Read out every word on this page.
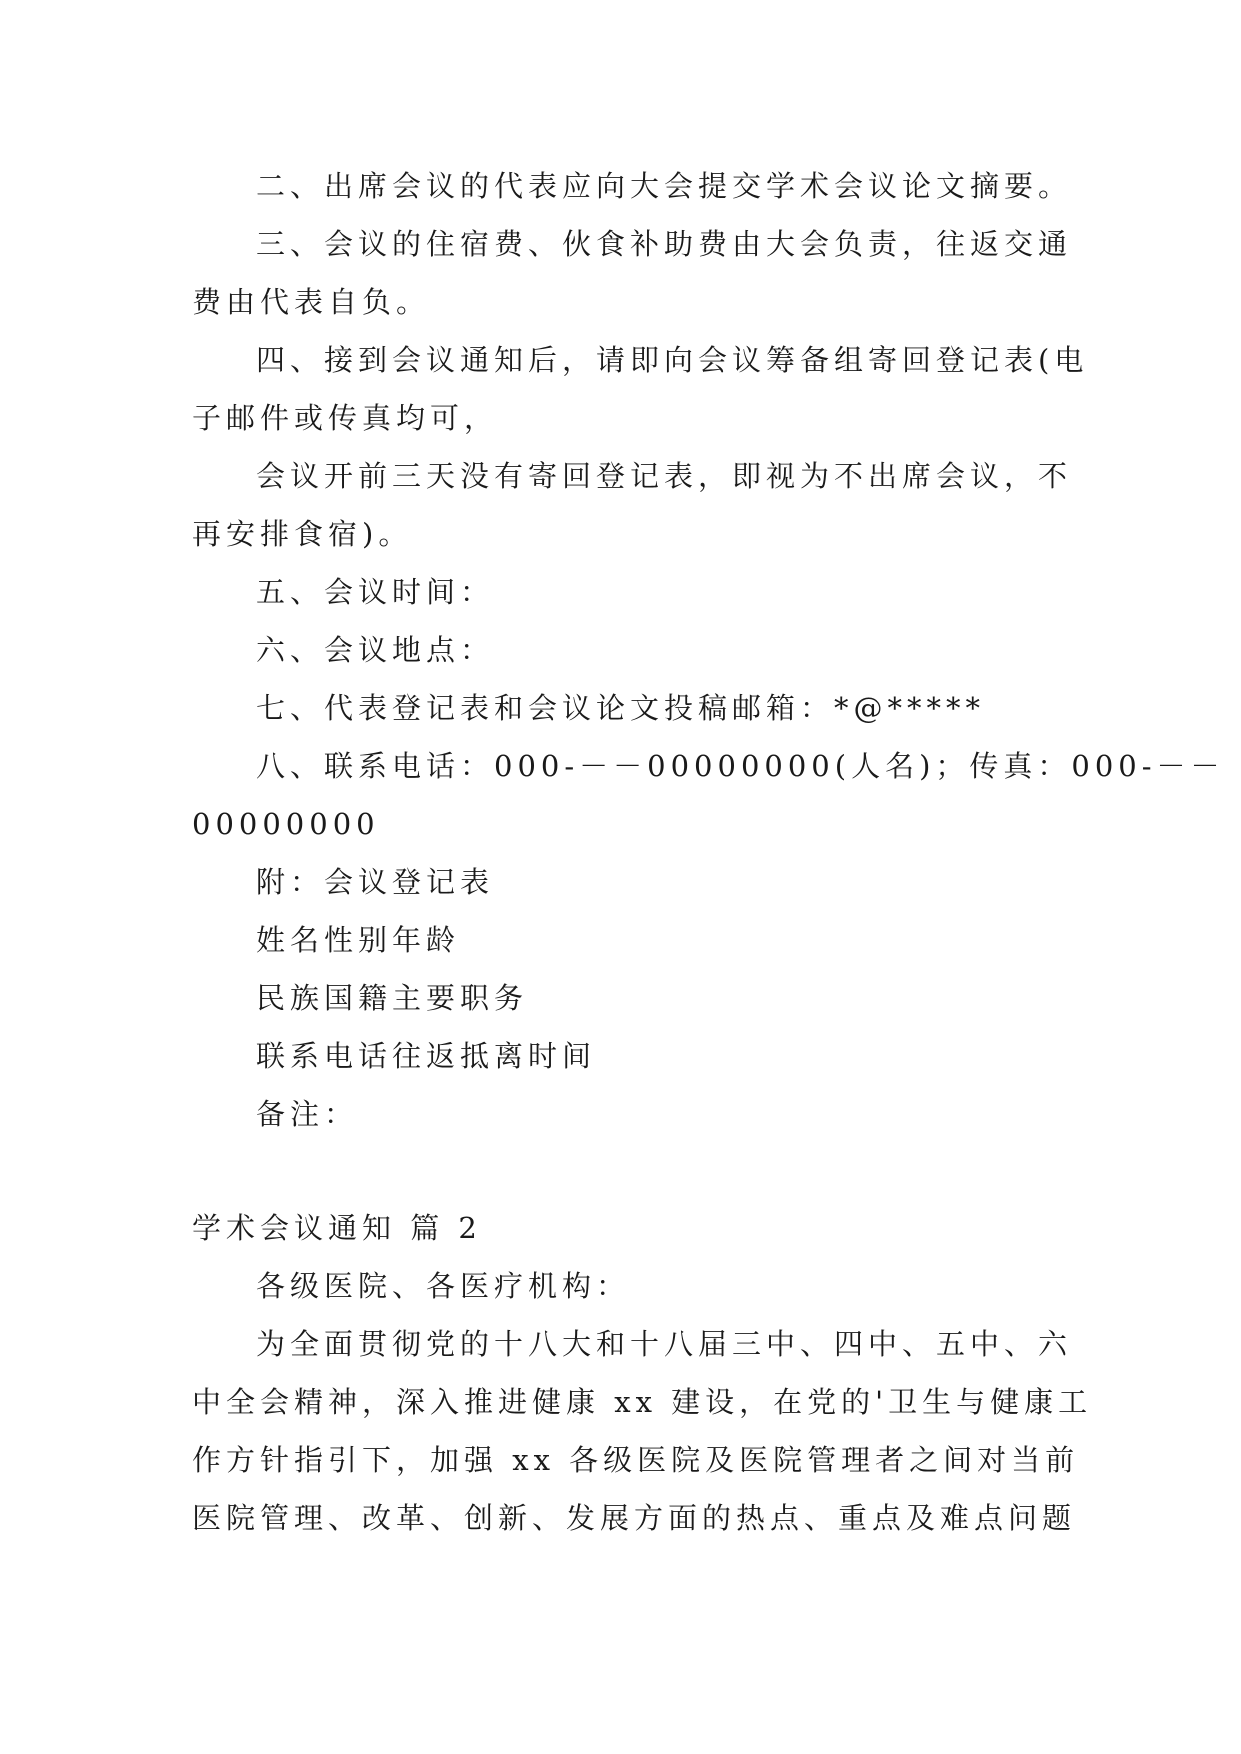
二、出席会议的代表应向大会提交学术会议论文摘要。
三、会议的住宿费、伙食补助费由大会负责，往返交通
费由代表自负。
四、接到会议通知后，请即向会议筹备组寄回登记表(电
子邮件或传真均可，
会议开前三天没有寄回登记表，即视为不出席会议，不
再安排食宿)。
五、会议时间：
六、会议地点：
七、代表登记表和会议论文投稿邮箱：*@*****
八、联系电话：000-－－00000000(人名)；传真：000-－－
00000000
附：会议登记表
姓名性别年龄
民族国籍主要职务
联系电话往返抵离时间
备注：
学术会议通知 篇 2
各级医院、各医疗机构：
为全面贯彻党的十八大和十八届三中、四中、五中、六
中全会精神，深入推进健康 xx 建设，在党的'卫生与健康工
作方针指引下，加强 xx 各级医院及医院管理者之间对当前
医院管理、改革、创新、发展方面的热点、重点及难点问题
